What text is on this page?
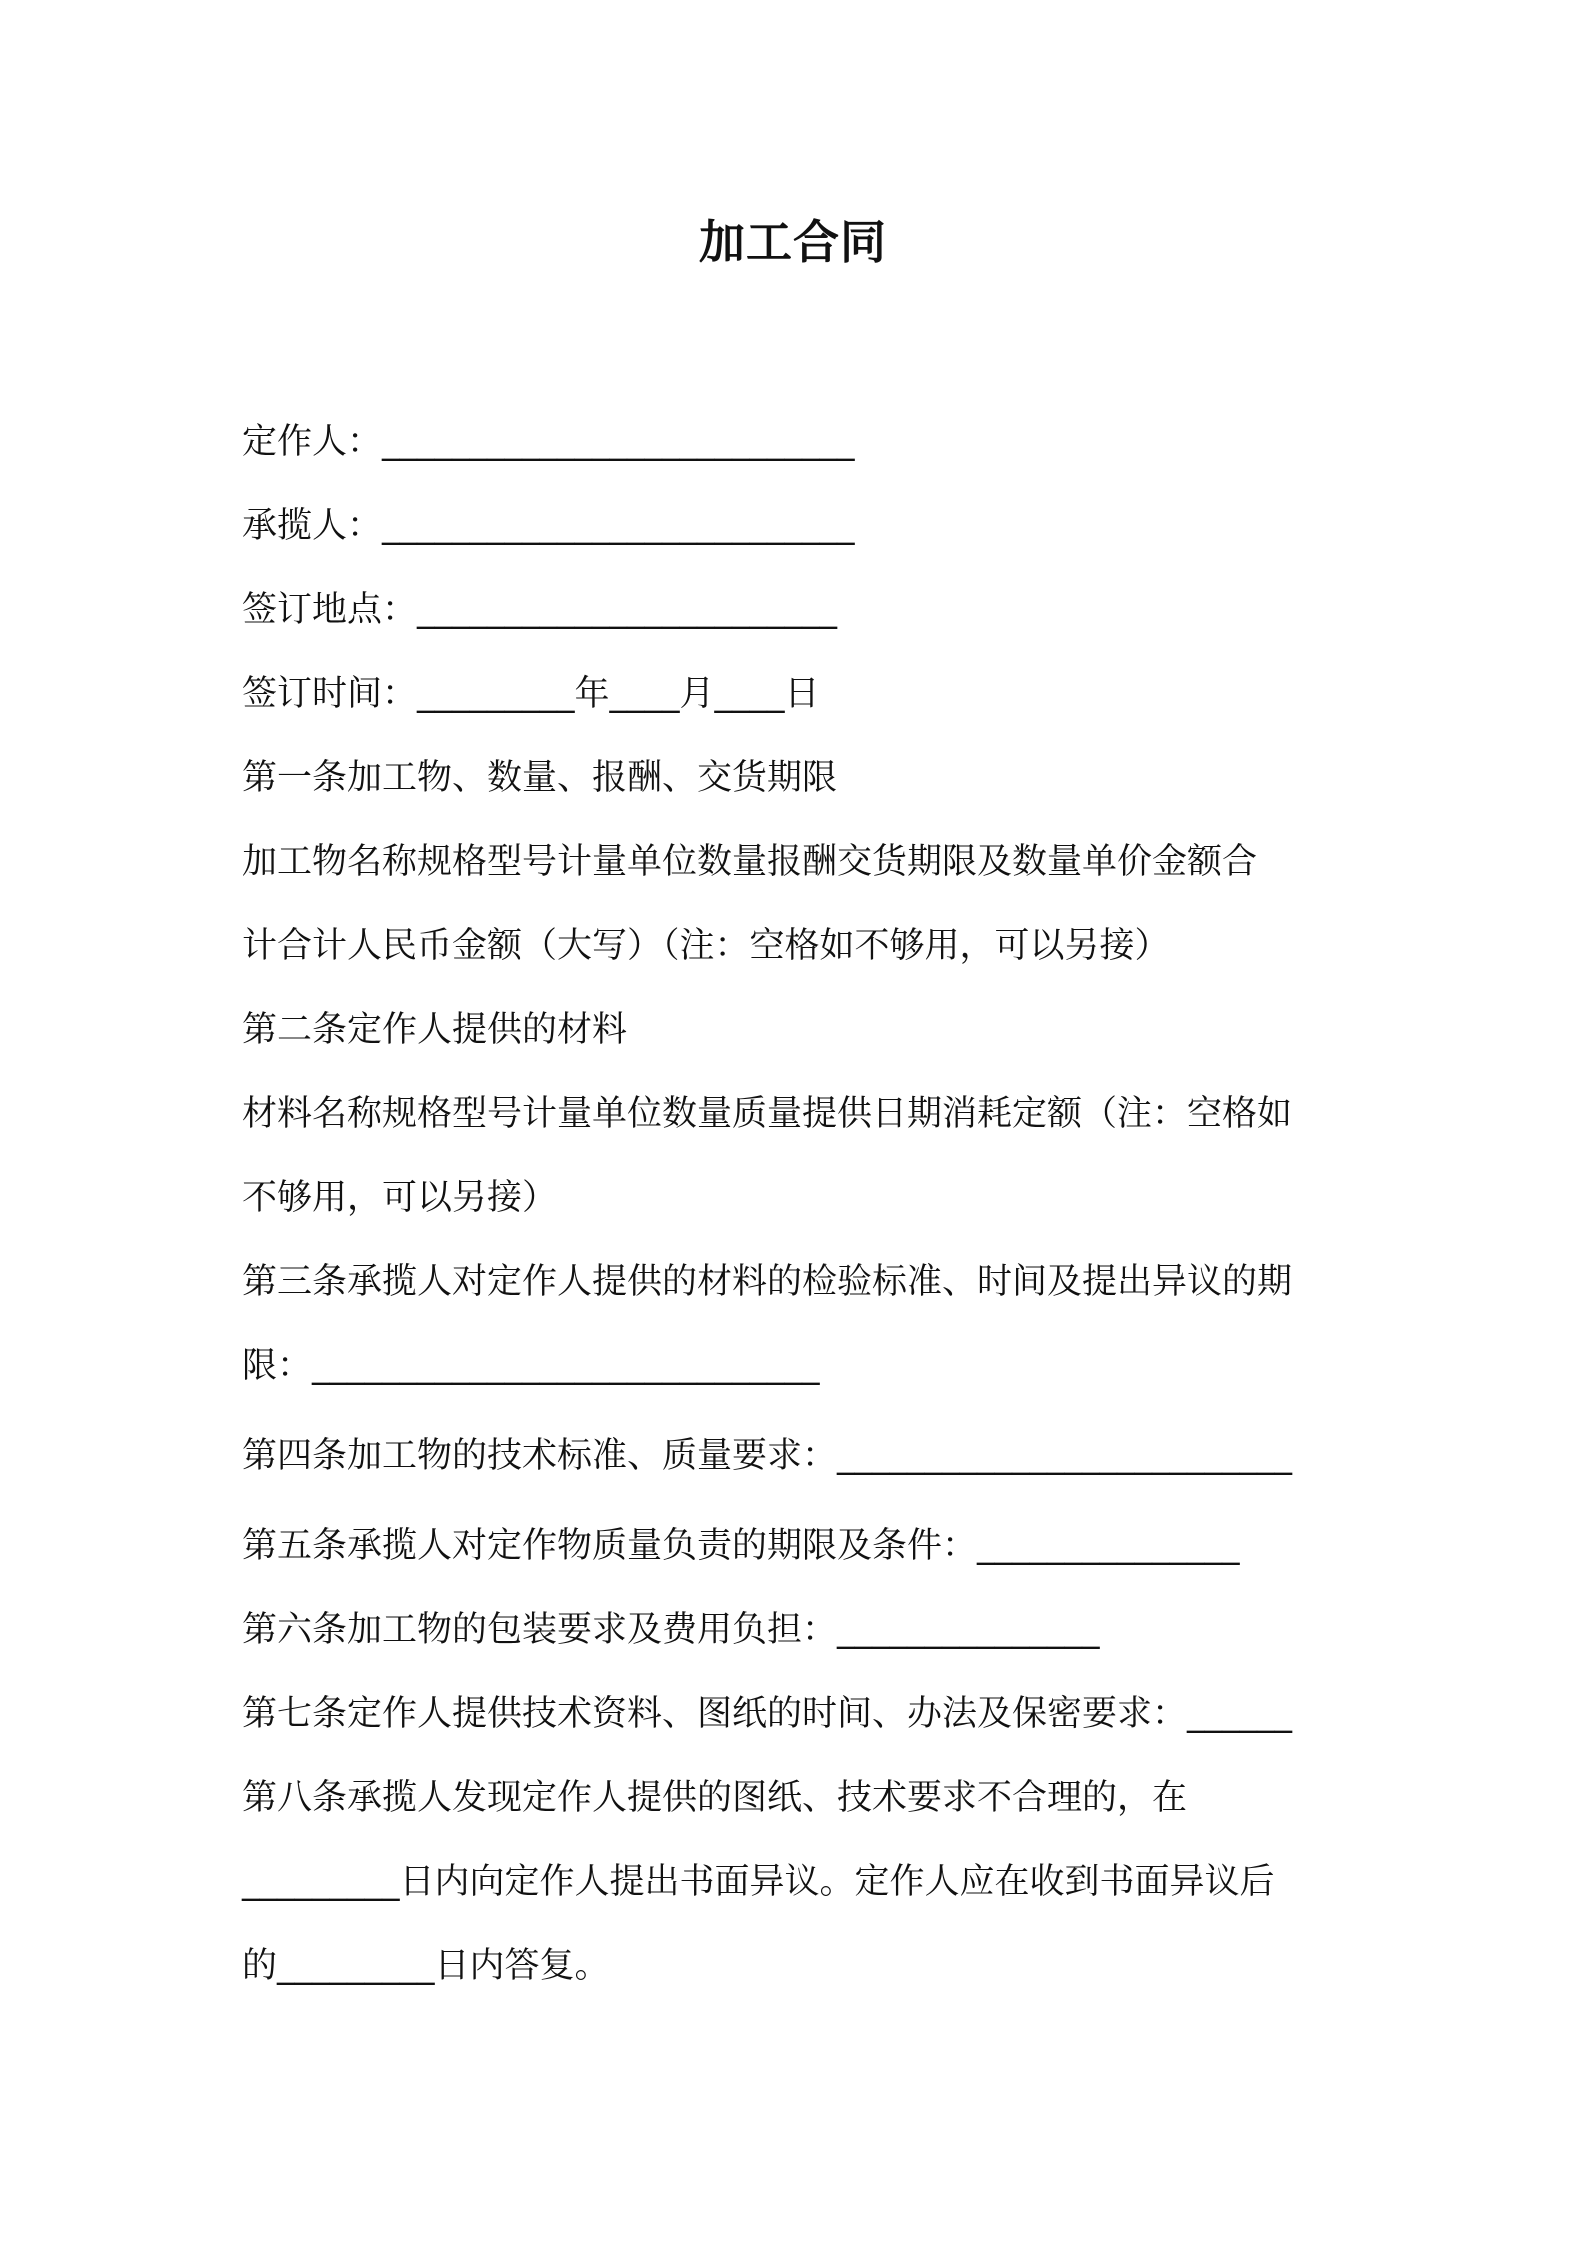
加工合同
定作人：___________________________
承揽人：___________________________
签订地点：________________________
签订时间：_________年____月____日
第一条加工物、数量、报酬、交货期限
加工物名称规格型号计量单位数量报酬交货期限及数量单价金额合
计合计人民币金额（大写）（注：空格如不够用，可以另接）
第二条定作人提供的材料
材料名称规格型号计量单位数量质量提供日期消耗定额（注：空格如
不够用，可以另接）
第三条承揽人对定作人提供的材料的检验标准、时间及提出异议的期
限：_____________________________
第四条加工物的技术标准、质量要求：__________________________
第五条承揽人对定作物质量负责的期限及条件：_______________
第六条加工物的包装要求及费用负担：_______________
第七条定作人提供技术资料、图纸的时间、办法及保密要求：______
第八条承揽人发现定作人提供的图纸、技术要求不合理的，在
_________日内向定作人提出书面异议。定作人应在收到书面异议后
的_________日内答复。
